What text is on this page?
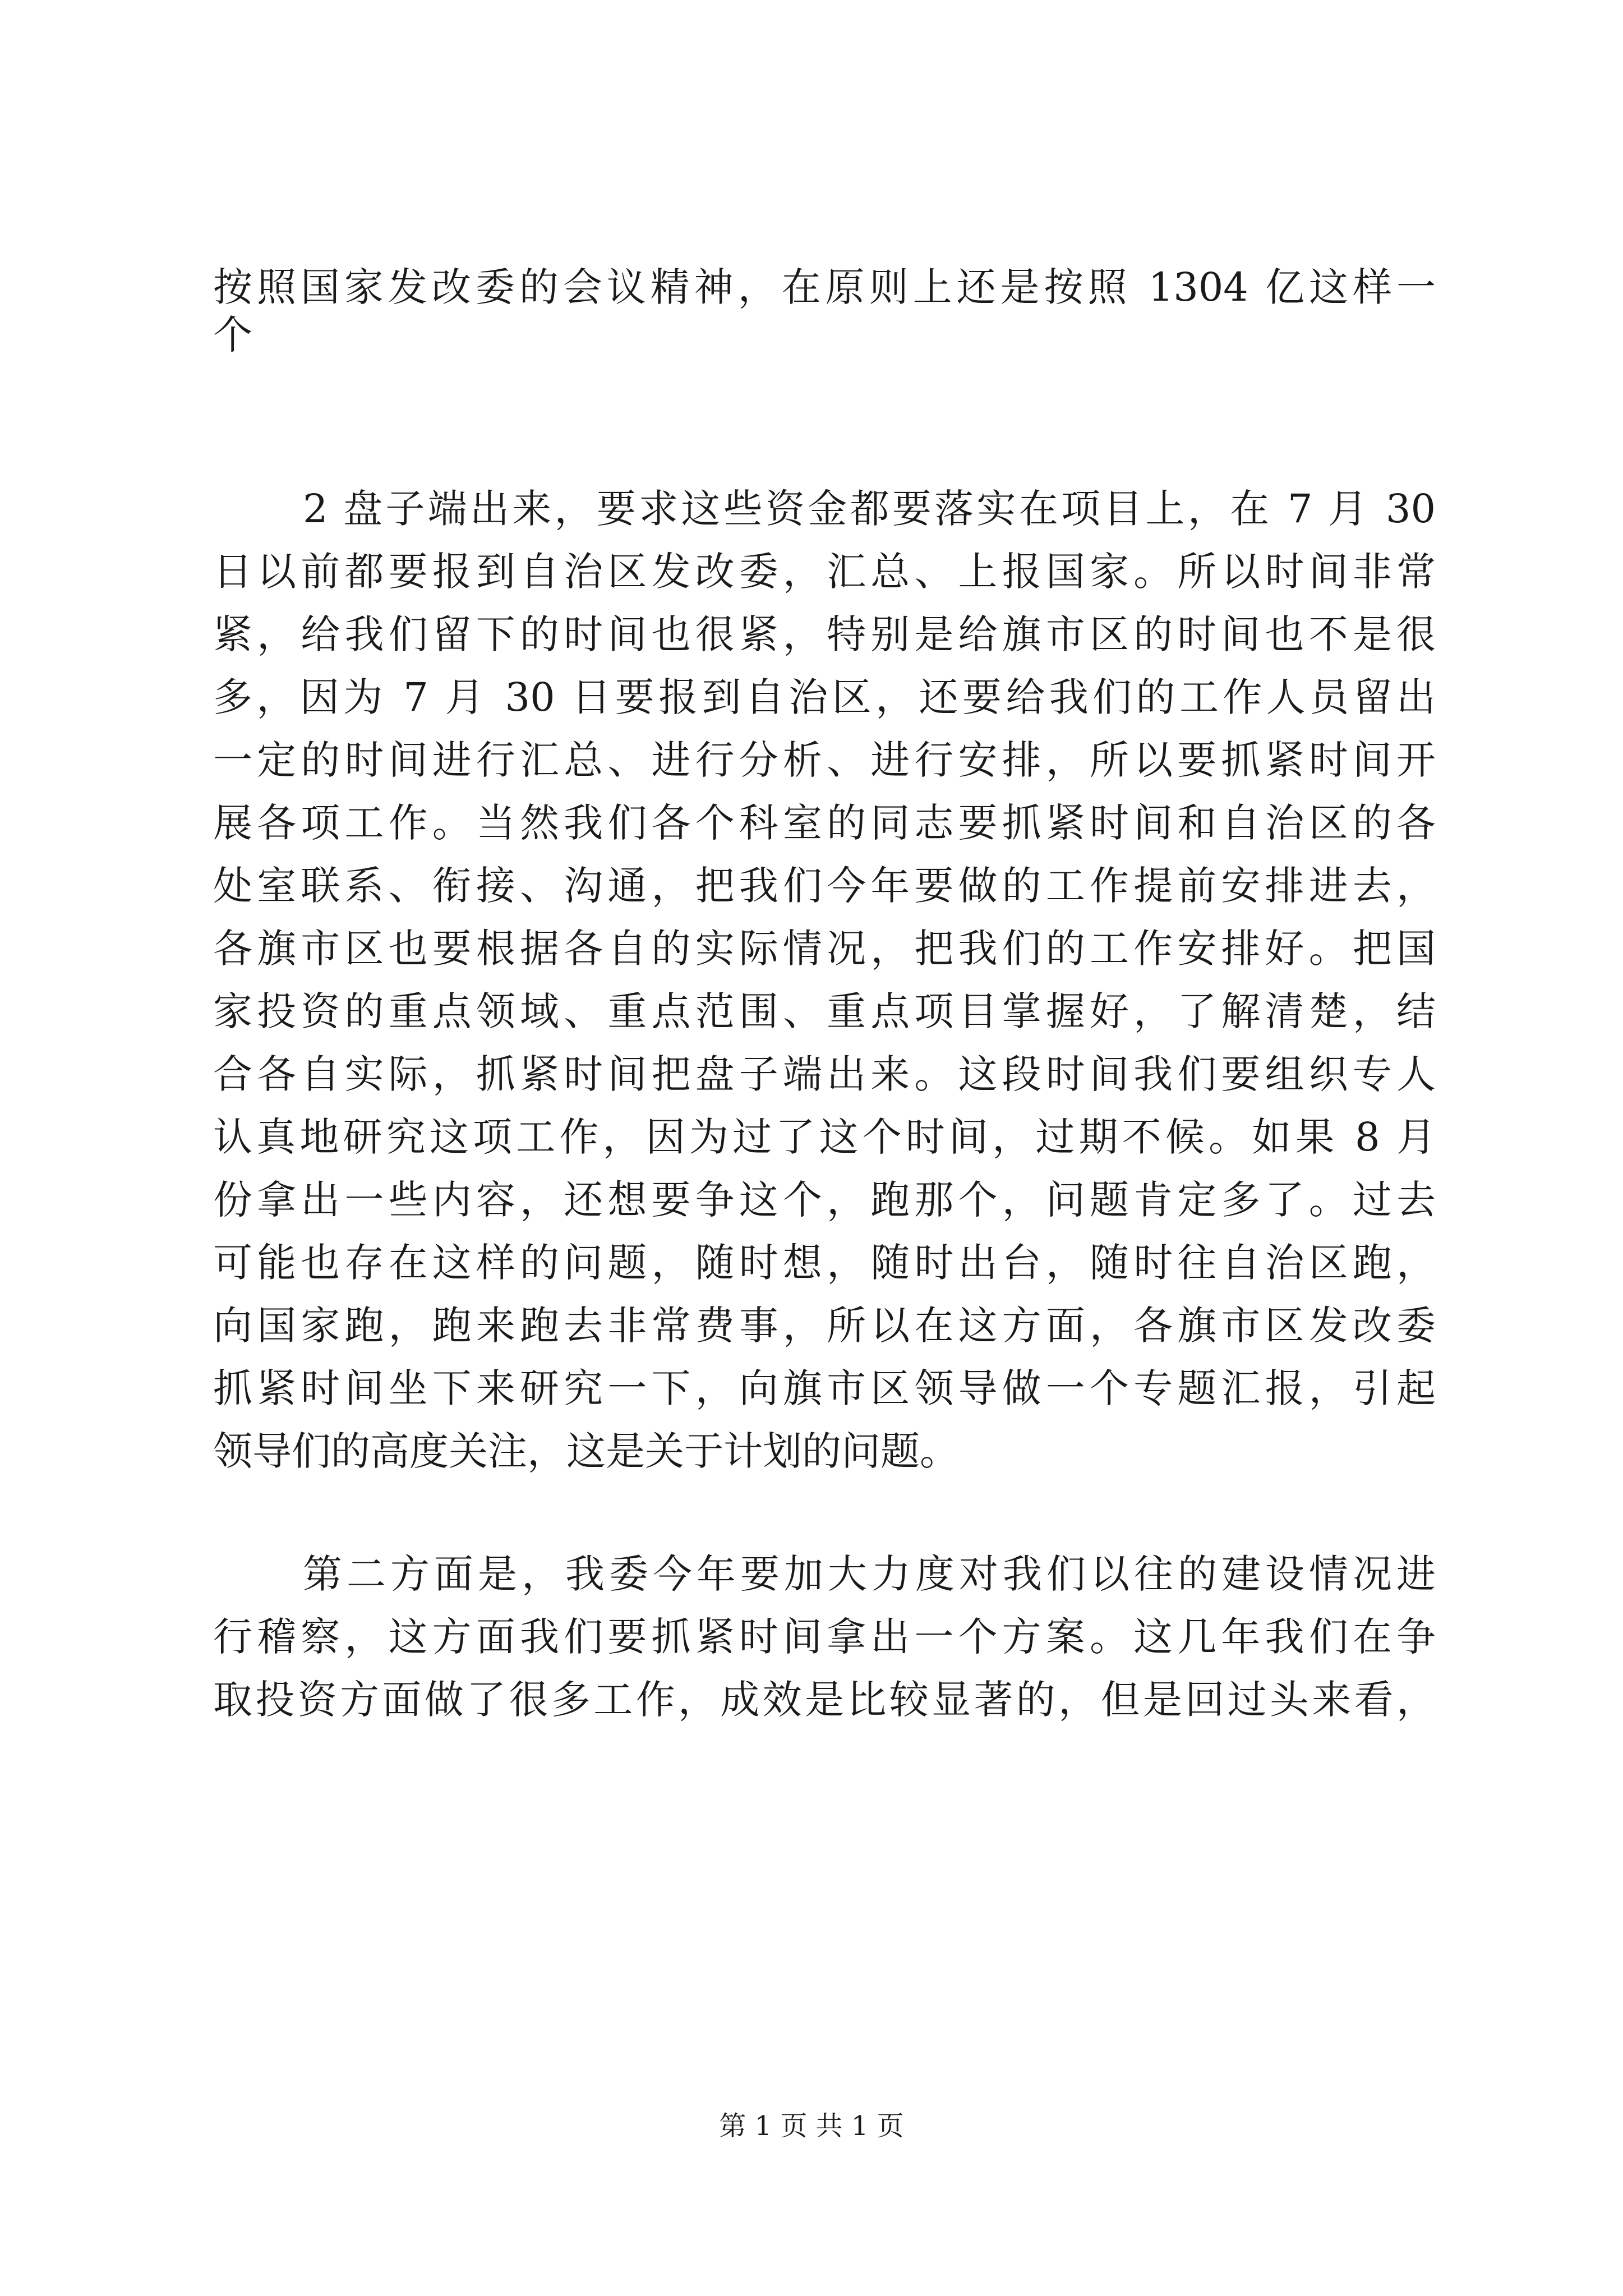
按照国家发改委的会议精神，在原则上还是按照 1304 亿这样一
个
2 盘子端出来，要求这些资金都要落实在项目上，在 7 月 30
日以前都要报到自治区发改委，汇总、上报国家。所以时间非常
紧，给我们留下的时间也很紧，特别是给旗市区的时间也不是很
多，因为 7 月 30 日要报到自治区，还要给我们的工作人员留出
一定的时间进行汇总、进行分析、进行安排，所以要抓紧时间开
展各项工作。当然我们各个科室的同志要抓紧时间和自治区的各
处室联系、衔接、沟通，把我们今年要做的工作提前安排进去，
各旗市区也要根据各自的实际情况，把我们的工作安排好。把国
家投资的重点领域、重点范围、重点项目掌握好，了解清楚，结
合各自实际，抓紧时间把盘子端出来。这段时间我们要组织专人
认真地研究这项工作，因为过了这个时间，过期不候。如果 8 月
份拿出一些内容，还想要争这个，跑那个，问题肯定多了。过去
可能也存在这样的问题，随时想，随时出台，随时往自治区跑，
向国家跑，跑来跑去非常费事，所以在这方面，各旗市区发改委
抓紧时间坐下来研究一下，向旗市区领导做一个专题汇报，引起
领导们的高度关注，这是关于计划的问题。
第二方面是，我委今年要加大力度对我们以往的建设情况进
行稽察，这方面我们要抓紧时间拿出一个方案。这几年我们在争
取投资方面做了很多工作，成效是比较显著的，但是回过头来看，
第 1 页 共 1 页
